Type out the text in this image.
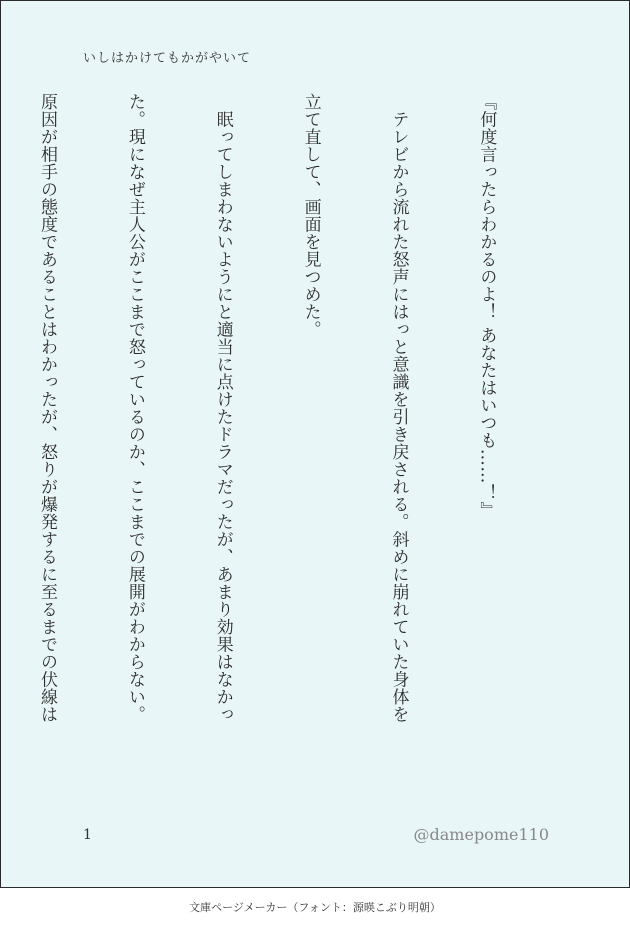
いしはかけてもかがやいて

『何度言ったらわかるのよ！ あなたはいつも……！』

　テレビから流れた怒声にはっと意識を引き戻される。斜めに崩れていた身体を

立て直して、画面を見つめた。

　眠ってしまわないようにと適当に点けたドラマだったが、あまり効果はなかっ

た。現になぜ主人公がここまで怒っているのか、ここまでの展開がわからない。

原因が相手の態度であることはわかったが、怒りが爆発するに至るまでの伏線は

1	@damepome110
文庫ページメーカー（フォント：源暎こぶり明朝）
